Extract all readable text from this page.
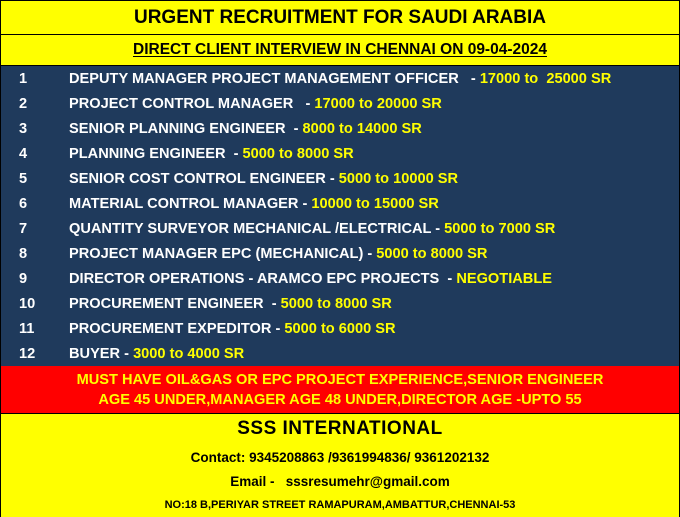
URGENT RECRUITMENT FOR SAUDI ARABIA
DIRECT CLIENT INTERVIEW IN CHENNAI ON 09-04-2024
1	DEPUTY MANAGER PROJECT MANAGEMENT OFFICER   - 17000 to  25000 SR
2	PROJECT CONTROL MANAGER   - 17000 to 20000 SR
3	SENIOR PLANNING ENGINEER  - 8000 to 14000 SR
4	PLANNING ENGINEER  - 5000 to 8000 SR
5	SENIOR COST CONTROL ENGINEER - 5000 to 10000 SR
6	MATERIAL CONTROL MANAGER - 10000 to 15000 SR
7	QUANTITY SURVEYOR MECHANICAL /ELECTRICAL - 5000 to 7000 SR
8	PROJECT MANAGER EPC (MECHANICAL) - 5000 to 8000 SR
9	DIRECTOR OPERATIONS - ARAMCO EPC PROJECTS  - NEGOTIABLE
10	PROCUREMENT ENGINEER  - 5000 to 8000 SR
11	PROCUREMENT EXPEDITOR - 5000 to 6000 SR
12	BUYER - 3000 to 4000 SR
MUST HAVE OIL&GAS OR EPC PROJECT EXPERIENCE,SENIOR ENGINEER
AGE 45 UNDER,MANAGER AGE 48 UNDER,DIRECTOR AGE -UPTO 55
SSS INTERNATIONAL
Contact: 9345208863 /9361994836/ 9361202132
Email -   sssresumehr@gmail.com
NO:18 B,PERIYAR STREET RAMAPURAM,AMBATTUR,CHENNAI-53
